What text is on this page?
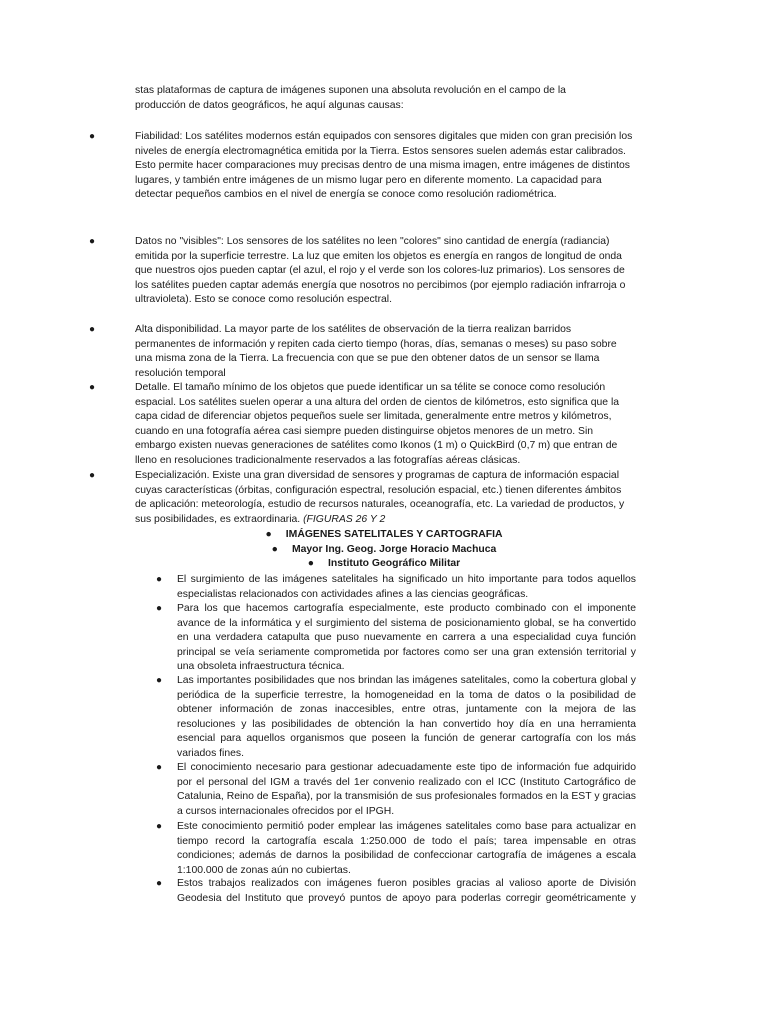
stas plataformas de captura de imágenes suponen una absoluta revolución en el campo de la producción de datos geográficos, he aquí algunas causas:

●	Fiabilidad: Los satélites modernos están equipados con sensores digitales que miden con gran precisión los niveles de energía electromagnética emitida por la Tierra. Estos sensores suelen además estar calibrados. Esto permite hacer comparaciones muy precisas dentro de una misma imagen, entre imágenes de distintos lugares, y también entre imágenes de un mismo lugar pero en diferente momento. La capacidad para detectar pequeños cambios en el nivel de energía se conoce como resolución radiométrica.

●	Datos no "visibles": Los sensores de los satélites no leen "colores" sino cantidad de energía (radiancia) emitida por la superficie terrestre. La luz que emiten los objetos es energía en rangos de longitud de onda que nuestros ojos pueden captar (el azul, el rojo y el verde son los colores-luz primarios). Los sensores de los satélites pueden captar además energía que nosotros no percibimos (por ejemplo radiación infrarroja o ultravioleta). Esto se conoce como resolución espectral.

●	Alta disponibilidad. La mayor parte de los satélites de observación de la tierra realizan barridos permanentes de información y repiten cada cierto tiempo (horas, días, semanas o meses) su paso sobre una misma zona de la Tierra. La frecuencia con que se pue den obtener datos de un sensor se llama resolución temporal

●	Detalle. El tamaño mínimo de los objetos que puede identificar un sa télite se conoce como resolución espacial. Los satélites suelen operar a una altura del orden de cientos de kilómetros, esto significa que la capa cidad de diferenciar objetos pequeños suele ser limitada, generalmente entre metros y kilómetros, cuando en una fotografía aérea casi siempre pueden distinguirse objetos menores de un metro. Sin embargo existen nuevas generaciones de satélites como Ikonos (1 m) o QuickBird (0,7 m) que entran de lleno en resoluciones tradicionalmente reservados a las fotografías aéreas clásicas.

●	Especialización. Existe una gran diversidad de sensores y programas de captura de información espacial cuyas características (órbitas, configuración espectral, resolución espacial, etc.) tienen diferentes ámbitos de aplicación: meteorología, estudio de recursos naturales, oceanografía, etc. La variedad de productos, y sus posibilidades, es extraordinaria. (FIGURAS 26 Y 2

● IMÁGENES SATELITALES Y CARTOGRAFIA

● Mayor Ing. Geog. Jorge Horacio Machuca

● Instituto Geográfico Militar

● El surgimiento de las imágenes satelitales ha significado un hito importante para todos aquellos especialistas relacionados con actividades afines a las ciencias geográficas.

● Para los que hacemos cartografía especialmente, este producto combinado con el imponente avance de la informática y el surgimiento del sistema de posicionamiento global, se ha convertido en una verdadera catapulta que puso nuevamente en carrera a una especialidad cuya función principal se veía seriamente comprometida por factores como ser una gran extensión territorial y una obsoleta infraestructura técnica.

● Las importantes posibilidades que nos brindan las imágenes satelitales, como la cobertura global y periódica de la superficie terrestre, la homogeneidad en la toma de datos o la posibilidad de obtener información de zonas inaccesibles, entre otras, juntamente con la mejora de las resoluciones y las posibilidades de obtención la han convertido hoy día en una herramienta esencial para aquellos organismos que poseen la función de generar cartografía con los más variados fines.

● El conocimiento necesario para gestionar adecuadamente este tipo de información fue adquirido por el personal del IGM a través del 1er convenio realizado con el ICC (Instituto Cartográfico de Catalunia, Reino de España), por la transmisión de sus profesionales formados en la EST y gracias a cursos internacionales ofrecidos por el IPGH.

● Este conocimiento permitió poder emplear las imágenes satelitales como base para actualizar en tiempo record la cartografía escala 1:250.000 de todo el país; tarea impensable en otras condiciones; además de darnos la posibilidad de confeccionar cartografía de imágenes a escala 1:100.000 de zonas aún no cubiertas.

● Estos trabajos realizados con imágenes fueron posibles gracias al valioso aporte de División Geodesia del Instituto que proveyó puntos de apoyo para poderlas corregir geométricamente y
